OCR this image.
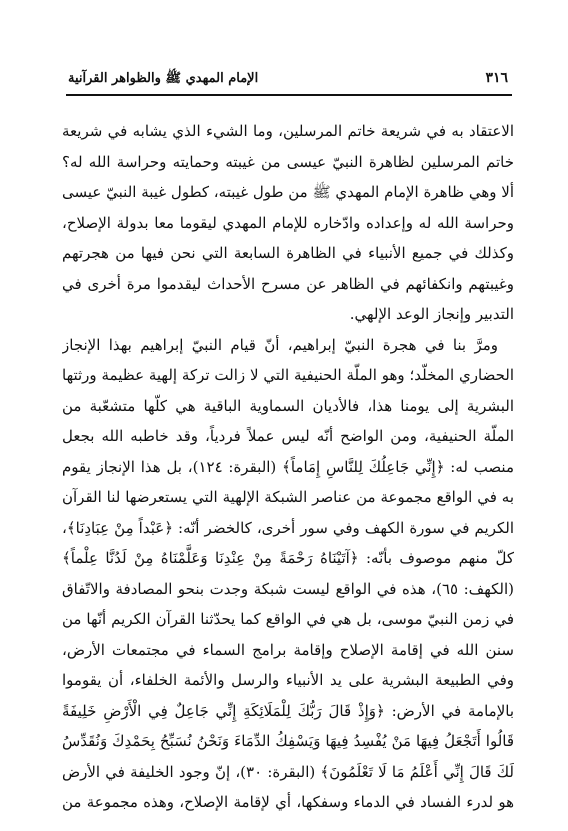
٣١٦
الإمام المهدي ﷺ والظواهر القرآنية

الاعتقاد به في شريعة خاتم المرسلين، وما الشيء الذي يشابه في شريعة خاتم المرسلين لظاهرة النبيّ عيسى من غيبته وحمايته وحراسة الله له؟ ألا وهي ظاهرة الإمام المهدي ﷺ من طول غيبته، كطول غيبة النبيّ عيسى وحراسة الله له وإعداده وادّخاره للإمام المهدي ليقوما معا بدولة الإصلاح، وكذلك في جميع الأنبياء في الظاهرة السابعة التي نحن فيها من هجرتهم وغيبتهم وانكفائهم في الظاهر عن مسرح الأحداث ليقدموا مرة أخرى في التدبير وإنجاز الوعد الإلهي.

ومرَّ بنا في هجرة النبيّ إبراهيم، أنّ قيام النبيّ إبراهيم بهذا الإنجاز الحضاري المخلّد؛ وهو الملّة الحنيفية التي لا زالت تركة إلهية عظيمة ورثتها البشرية إلى يومنا هذا، فالأديان السماوية الباقية هي كلّها متشعّبة من الملّة الحنيفية، ومن الواضح أنّه ليس عملاً فردياً، وقد خاطبه الله بجعل منصب له: ﴿إِنِّي جَاعِلُكَ لِلنَّاسِ إِمَاماً﴾ (البقرة: ١٢٤)، بل هذا الإنجاز يقوم به في الواقع مجموعة من عناصر الشبكة الإلهية التي يستعرضها لنا القرآن الكريم في سورة الكهف وفي سور أخرى، كالخضر أنّه: ﴿عَبْداً مِنْ عِبَادِنَا﴾، كلّ منهم موصوف بأنّه: ﴿آتَيْنَاهُ رَحْمَةً مِنْ عِنْدِنَا وَعَلَّمْنَاهُ مِنْ لَدُنَّا عِلْماً﴾ (الكهف: ٦٥)، هذه في الواقع ليست شبكة وجدت بنحو المصادفة والاتّفاق في زمن النبيّ موسى، بل هي في الواقع كما يحدّثنا القرآن الكريم أنّها من سنن الله في إقامة الإصلاح وإقامة برامج السماء في مجتمعات الأرض، وفي الطبيعة البشرية على يد الأنبياء والرسل والأئمة الخلفاء، أن يقوموا بالإمامة في الأرض: ﴿وَإِذْ قَالَ رَبُّكَ لِلْمَلَائِكَةِ إِنِّي جَاعِلٌ فِي الْأَرْضِ خَلِيفَةً قَالُوا أَتَجْعَلُ فِيهَا مَنْ يُفْسِدُ فِيهَا وَيَسْفِكُ الدِّمَاءَ وَنَحْنُ نُسَبِّحُ بِحَمْدِكَ وَنُقَدِّسُ لَكَ قَالَ إِنِّي أَعْلَمُ مَا لَا تَعْلَمُونَ﴾ (البقرة: ٣٠)، إنّ وجود الخليفة في الأرض هو لدرء الفساد في الدماء وسفكها، أي لإقامة الإصلاح، وهذه مجموعة من
